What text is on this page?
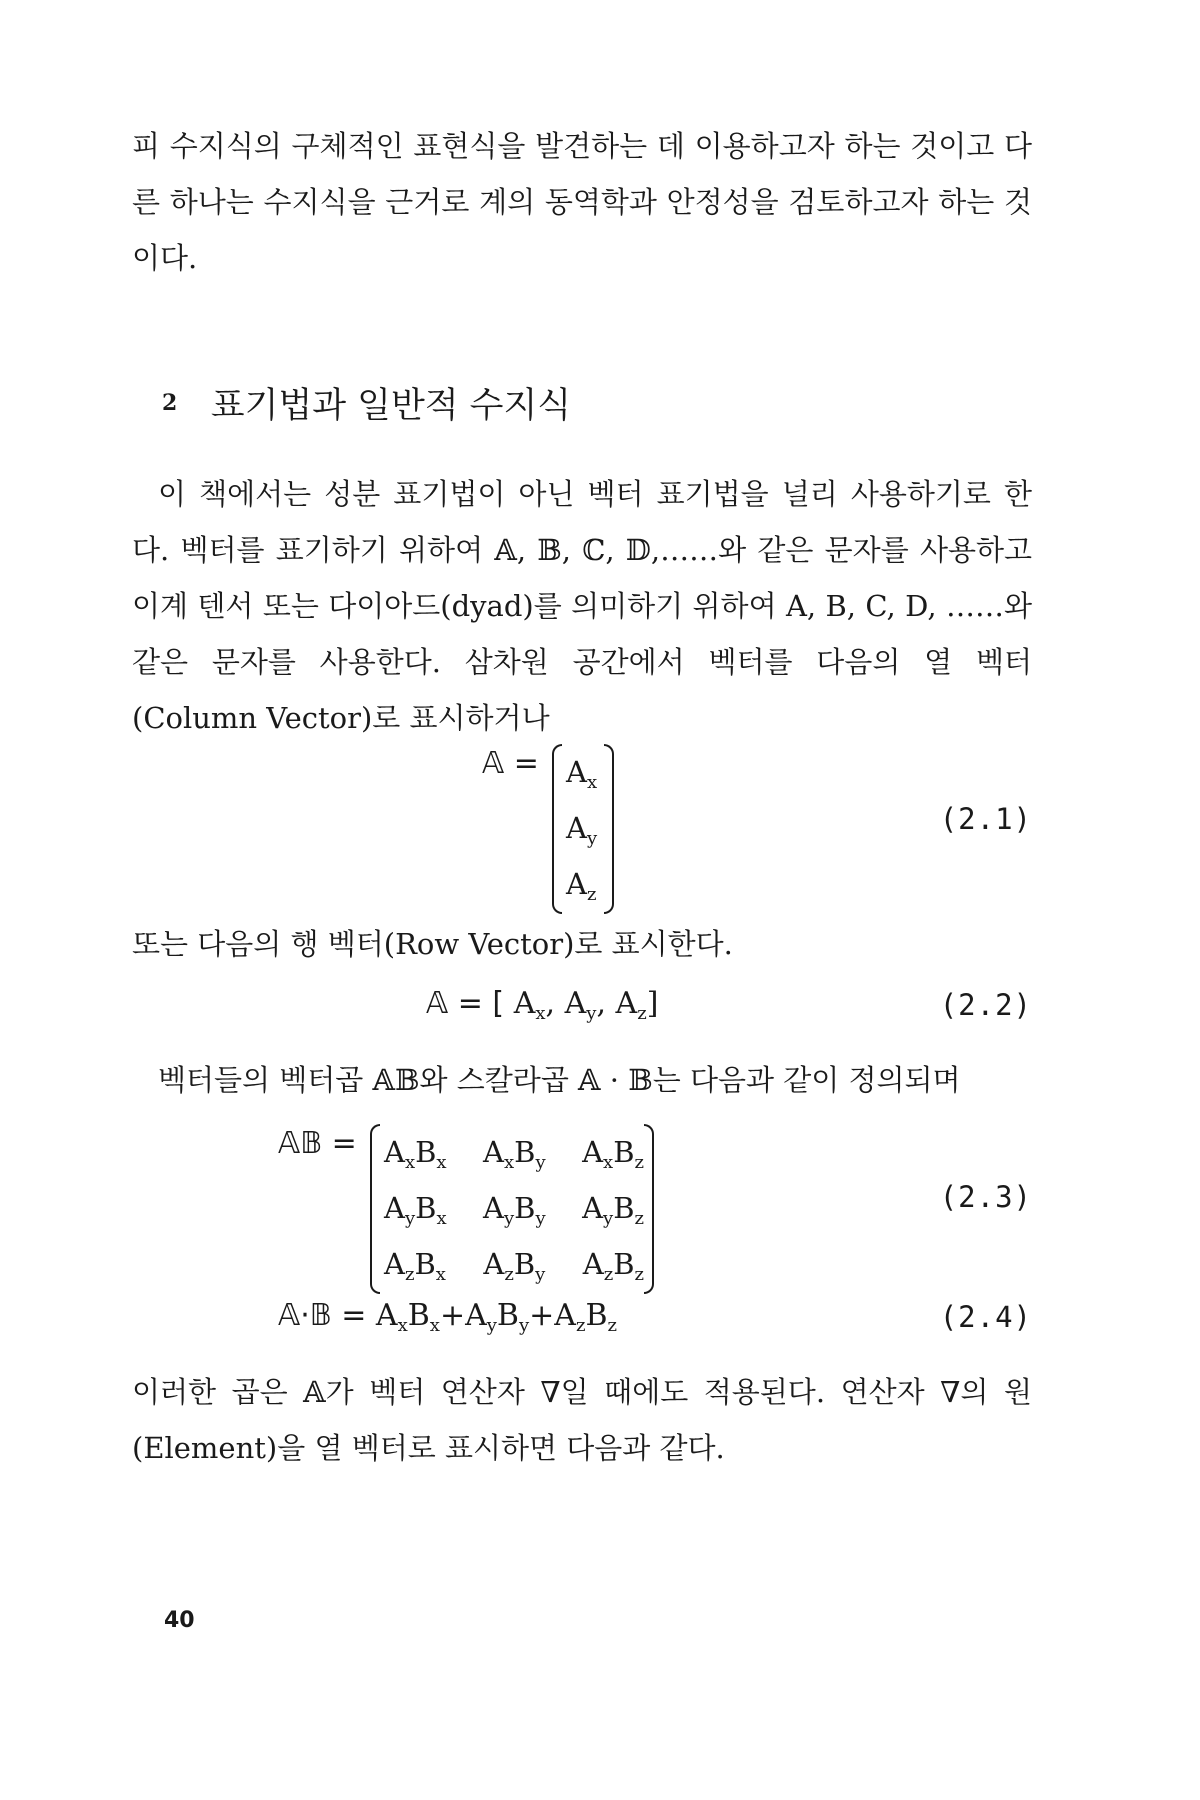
피 수지식의 구체적인 표현식을 발견하는 데 이용하고자 하는 것이고 다른 하나는 수지식을 근거로 계의 동역학과 안정성을 검토하고자 하는 것이다.

2 표기법과 일반적 수지식

이 책에서는 성분 표기법이 아닌 벡터 표기법을 널리 사용하기로 한다. 벡터를 표기하기 위하여 𝔸, 𝔹, ℂ, 𝔻,……와 같은 문자를 사용하고 이계 텐서 또는 다이아드(dyad)를 의미하기 위하여 A, B, C, D, ……와 같은 문자를 사용한다. 삼차원 공간에서 벡터를 다음의 열 벡터(Column Vector)로 표시하거나

𝔸 = $A_x$
$A_y$
$A_z$
(2.1)

또는 다음의 행 벡터(Row Vector)로 표시한다.

𝔸 = [ $A_x$, $A_y$, $A_z$]	(2.2)

벡터들의 벡터곱 𝔸𝔹와 스칼라곱 𝔸 · 𝔹는 다음과 같이 정의되며

𝔸𝔹 = $A_xB_x$ $A_xB_y$ $A_xB_z$
$A_yB_x$ $A_yB_y$ $A_yB_z$
$A_zB_x$ $A_zB_y$ $A_zB_z$
(2.3)
𝔸·𝔹 = $A_xB_x+A_yB_y+A_zB_z$	(2.4)

이러한 곱은 𝔸가 벡터 연산자 ∇일 때에도 적용된다. 연산자 ∇의 원(Element)을 열 벡터로 표시하면 다음과 같다.

40
